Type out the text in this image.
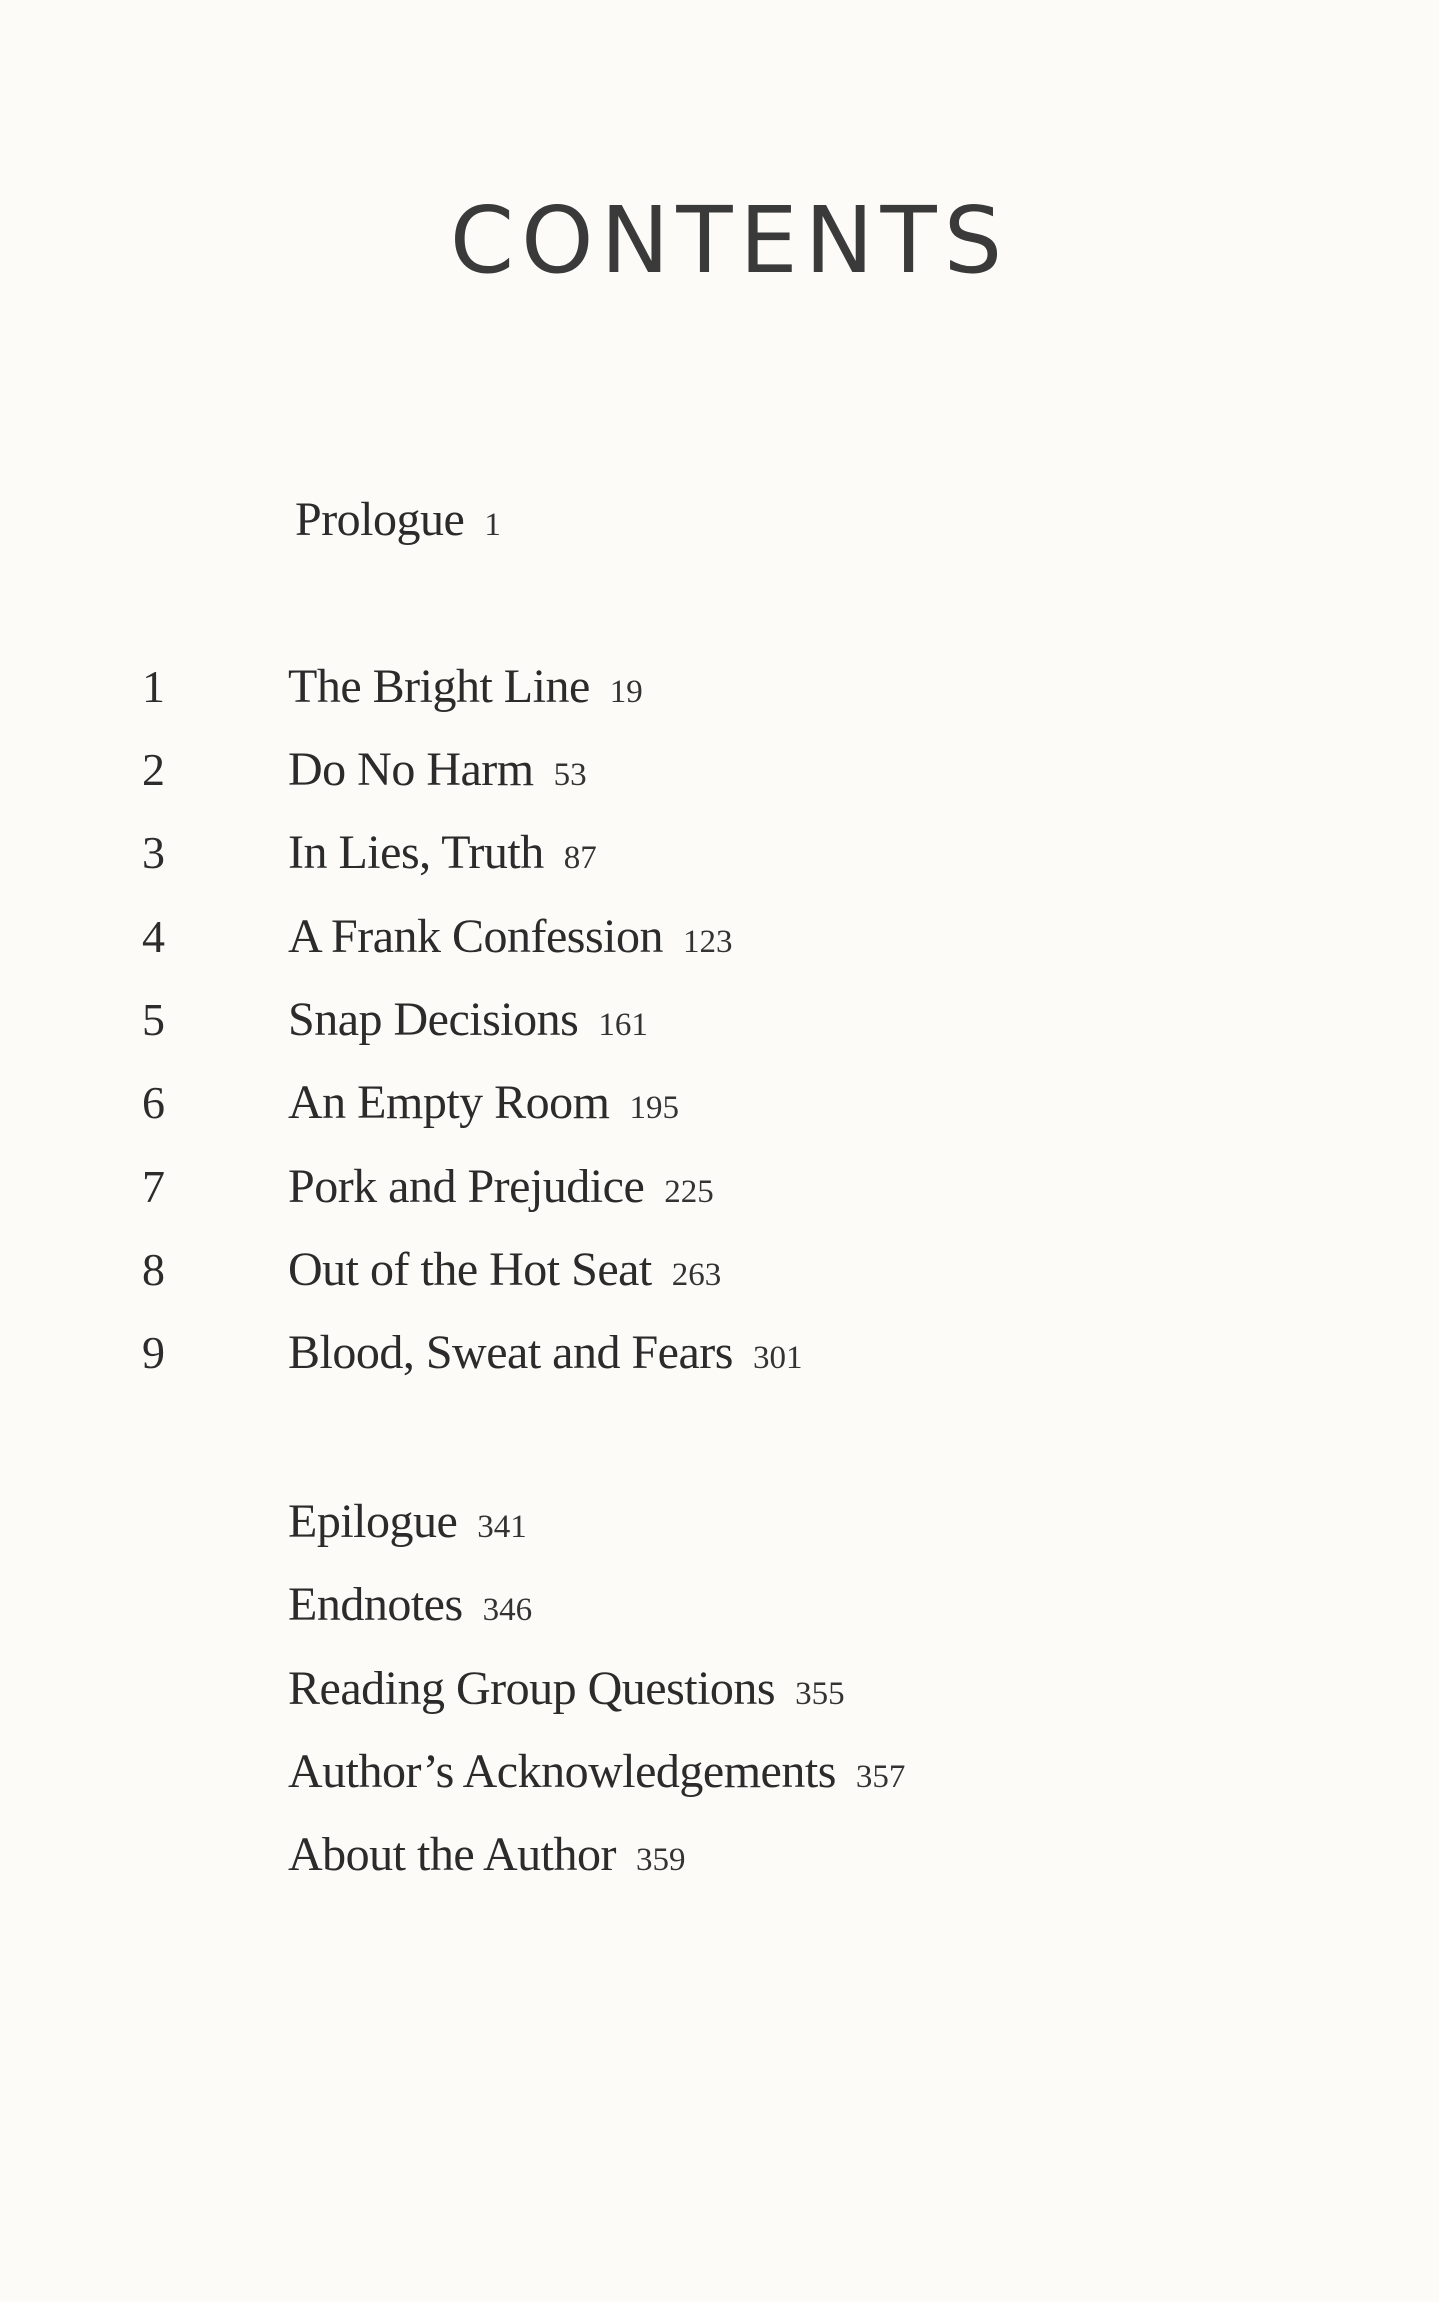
CONTENTS
Prologue 1
1	The Bright Line 19
2	Do No Harm 53
3	In Lies, Truth 87
4	A Frank Confession 123
5	Snap Decisions 161
6	An Empty Room 195
7	Pork and Prejudice 225
8	Out of the Hot Seat 263
9	Blood, Sweat and Fears 301
Epilogue 341
Endnotes 346
Reading Group Questions 355
Author’s Acknowledgements 357
About the Author 359
